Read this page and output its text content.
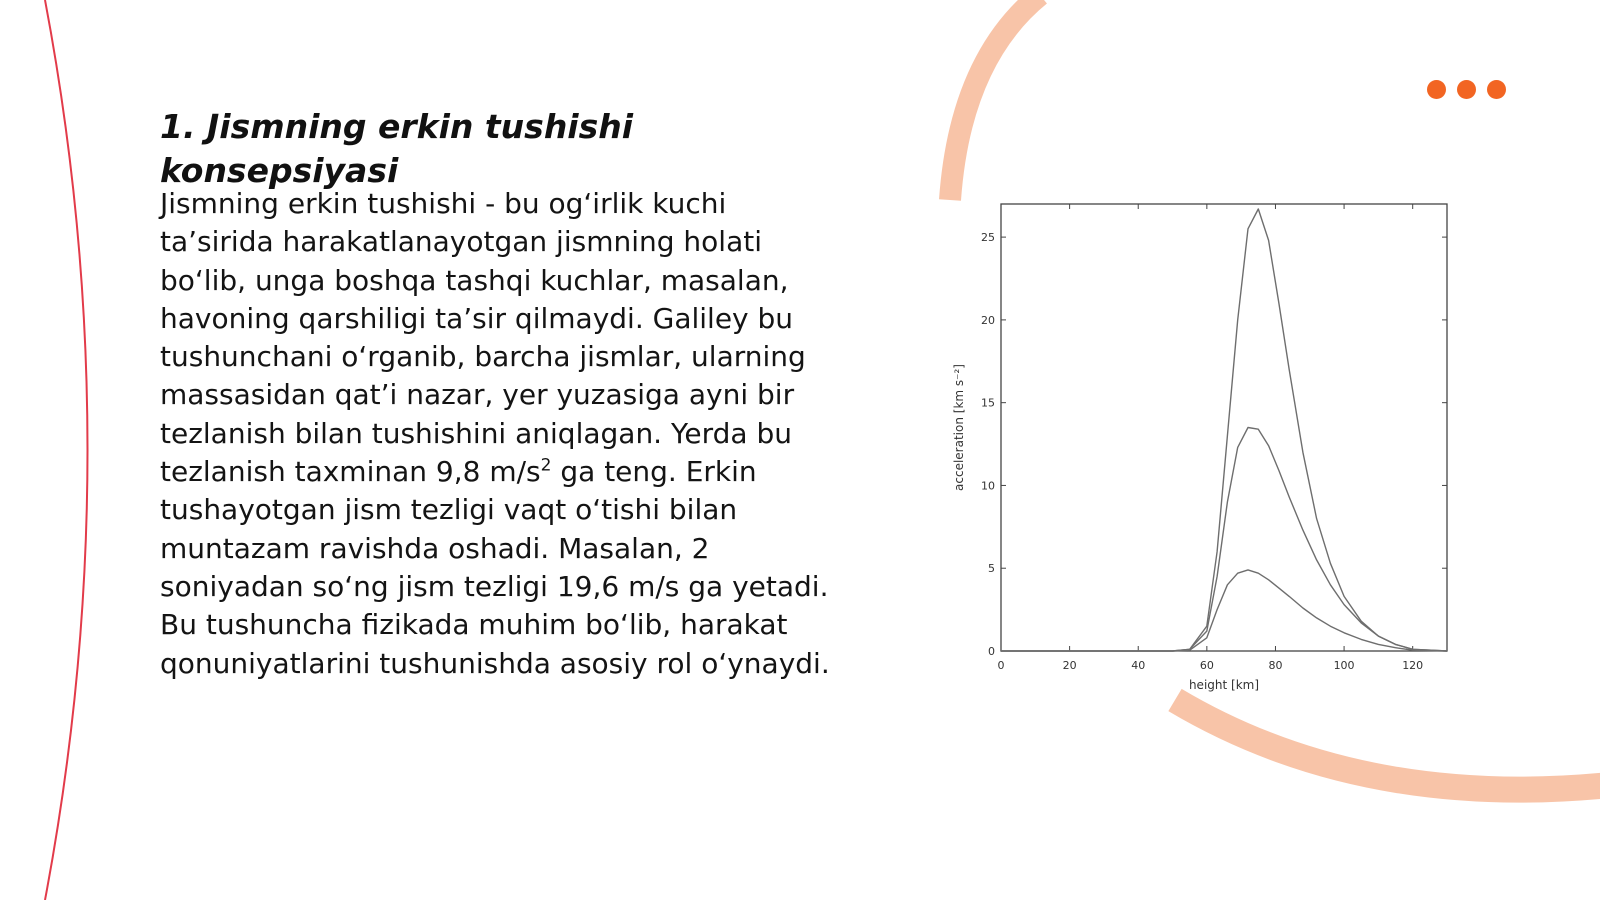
1. Jismning erkin tushishi konsepsiyasi

Jismning erkin tushishi - bu og‘irlik kuchi ta’sirida harakatlanayotgan jismning holati bo‘lib, unga boshqa tashqi kuchlar, masalan, havoning qarshiligi ta’sir qilmaydi. Galiley bu tushunchani o‘rganib, barcha jismlar, ularning massasidan qat’i nazar, yer yuzasiga ayni bir tezlanish bilan tushishini aniqlagan. Yerda bu tezlanish taxminan 9,8 $m/s^2$ ga teng. Erkin tushayotgan jism tezligi vaqt o‘tishi bilan muntazam ravishda oshadi. Masalan, 2 soniyadan so‘ng jism tezligi 19,6 m/s ga yetadi. Bu tushuncha fizikada muhim bo‘lib, harakat qonuniyatlarini tushunishda asosiy rol o‘ynaydi.	0	20	40	60	80	100	120
0
5
10
15
20
25
height [km]
acceleration [km s⁻²]
